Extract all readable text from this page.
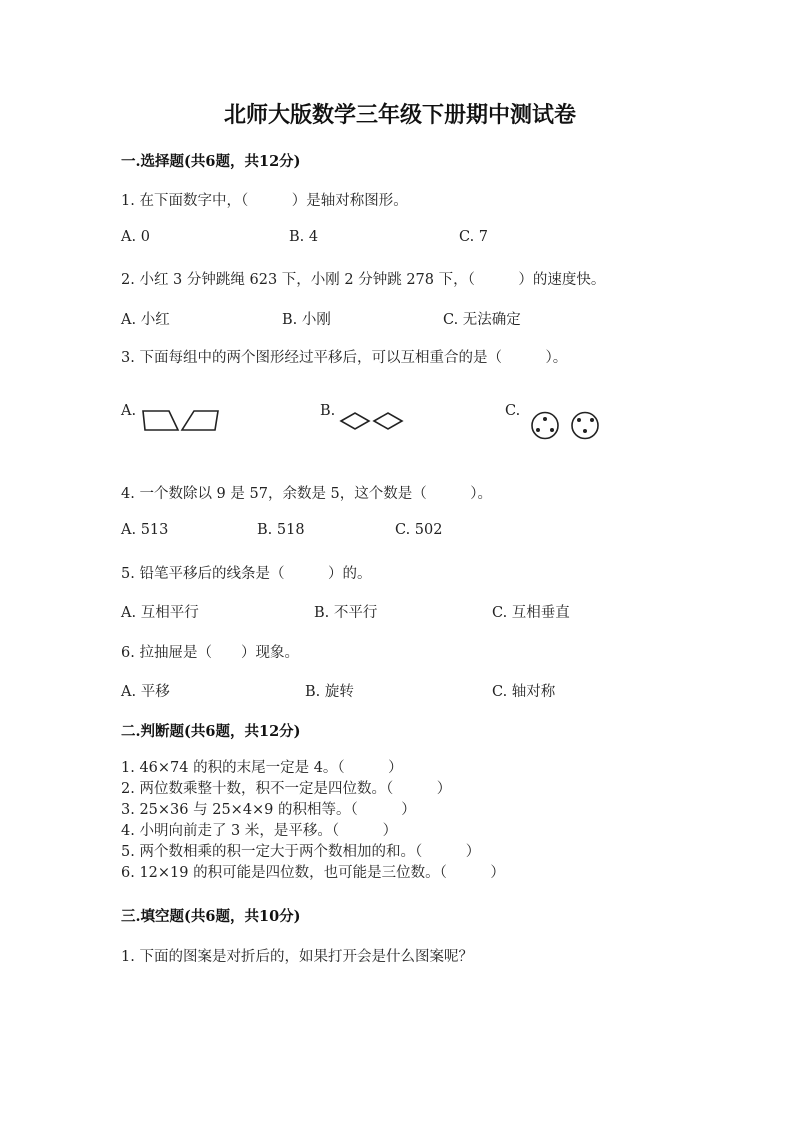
北师大版数学三年级下册期中测试卷
一.选择题(共6题，共12分)
1. 在下面数字中，（　　　）是轴对称图形。
A. 0	B. 4	C. 7
2. 小红 3 分钟跳绳 623 下，小刚 2 分钟跳 278 下，（　　　）的速度快。
A. 小红	B. 小刚	C. 无法确定
3. 下面每组中的两个图形经过平移后，可以互相重合的是（　　　）。
A.	B.	C.
4. 一个数除以 9 是 57，余数是 5，这个数是（　　　）。
A. 513	B. 518	C. 502
5. 铅笔平移后的线条是（　　　）的。
A. 互相平行	B. 不平行	C. 互相垂直
6. 拉抽屉是（　　）现象。
A. 平移	B. 旋转	C. 轴对称
二.判断题(共6题，共12分)
1. 46×74 的积的末尾一定是 4。（　　　）
2. 两位数乘整十数，积不一定是四位数。（　　　）
3. 25×36 与 25×4×9 的积相等。（　　　）
4. 小明向前走了 3 米，是平移。（　　　）
5. 两个数相乘的积一定大于两个数相加的和。（　　　）
6. 12×19 的积可能是四位数，也可能是三位数。（　　　）
三.填空题(共6题，共10分)
1. 下面的图案是对折后的，如果打开会是什么图案呢？
